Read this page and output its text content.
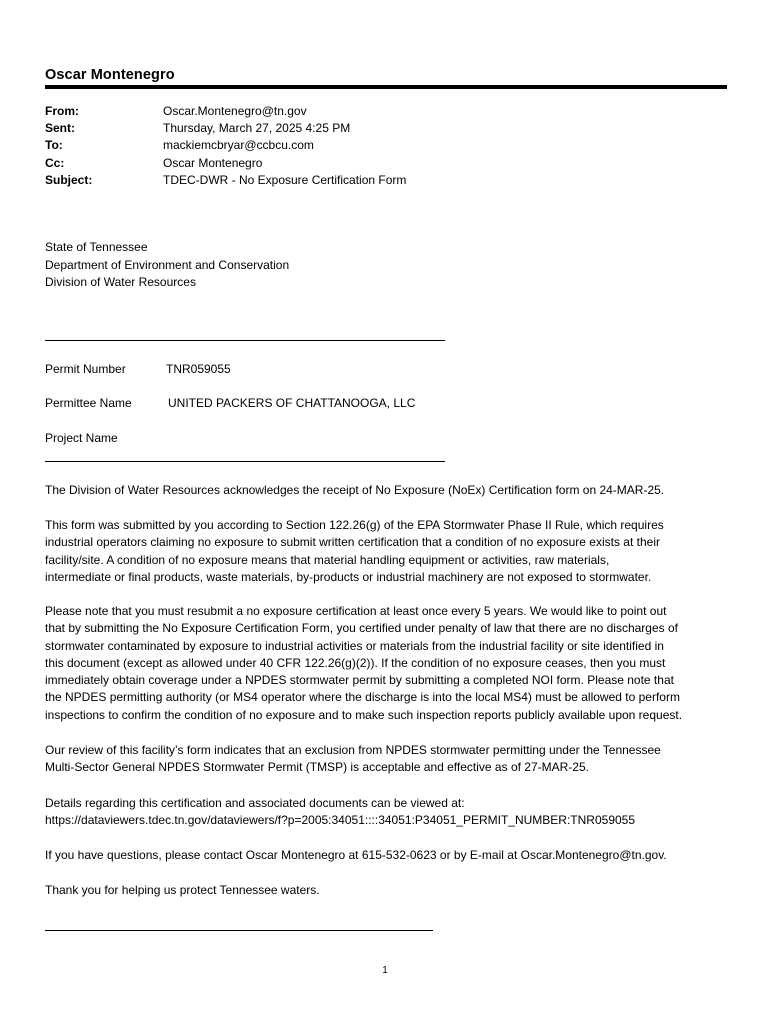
Oscar Montenegro
From:	Oscar.Montenegro@tn.gov
Sent:	Thursday, March 27, 2025 4:25 PM
To:	mackiemcbryar@ccbcu.com
Cc:	Oscar Montenegro
Subject:	TDEC-DWR - No Exposure Certification Form
State of Tennessee
Department of Environment and Conservation
Division of Water Resources
Permit Number	TNR059055
Permittee Name	UNITED PACKERS OF CHATTANOOGA, LLC
Project Name
The Division of Water Resources acknowledges the receipt of No Exposure (NoEx) Certification form on 24-MAR-25.
This form was submitted by you according to Section 122.26(g) of the EPA Stormwater Phase II Rule, which requires
industrial operators claiming no exposure to submit written certification that a condition of no exposure exists at their
facility/site. A condition of no exposure means that material handling equipment or activities, raw materials,
intermediate or final products, waste materials, by-products or industrial machinery are not exposed to stormwater.
Please note that you must resubmit a no exposure certification at least once every 5 years. We would like to point out
that by submitting the No Exposure Certification Form, you certified under penalty of law that there are no discharges of
stormwater contaminated by exposure to industrial activities or materials from the industrial facility or site identified in
this document (except as allowed under 40 CFR 122.26(g)(2)). If the condition of no exposure ceases, then you must
immediately obtain coverage under a NPDES stormwater permit by submitting a completed NOI form. Please note that
the NPDES permitting authority (or MS4 operator where the discharge is into the local MS4) must be allowed to perform
inspections to confirm the condition of no exposure and to make such inspection reports publicly available upon request.
Our review of this facility’s form indicates that an exclusion from NPDES stormwater permitting under the Tennessee
Multi-Sector General NPDES Stormwater Permit (TMSP) is acceptable and effective as of 27-MAR-25.
Details regarding this certification and associated documents can be viewed at:
https://dataviewers.tdec.tn.gov/dataviewers/f?p=2005:34051::::34051:P34051_PERMIT_NUMBER:TNR059055
If you have questions, please contact Oscar Montenegro at 615-532-0623 or by E-mail at Oscar.Montenegro@tn.gov.
Thank you for helping us protect Tennessee waters.
1
